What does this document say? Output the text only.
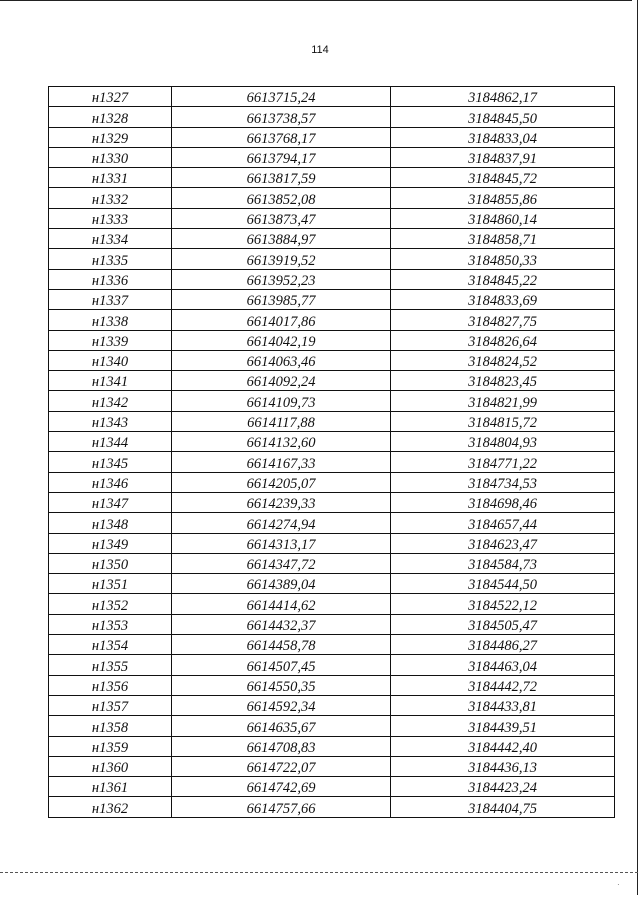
114
н1327	6613715,24	3184862,17
н1328	6613738,57	3184845,50
н1329	6613768,17	3184833,04
н1330	6613794,17	3184837,91
н1331	6613817,59	3184845,72
н1332	6613852,08	3184855,86
н1333	6613873,47	3184860,14
н1334	6613884,97	3184858,71
н1335	6613919,52	3184850,33
н1336	6613952,23	3184845,22
н1337	6613985,77	3184833,69
н1338	6614017,86	3184827,75
н1339	6614042,19	3184826,64
н1340	6614063,46	3184824,52
н1341	6614092,24	3184823,45
н1342	6614109,73	3184821,99
н1343	6614117,88	3184815,72
н1344	6614132,60	3184804,93
н1345	6614167,33	3184771,22
н1346	6614205,07	3184734,53
н1347	6614239,33	3184698,46
н1348	6614274,94	3184657,44
н1349	6614313,17	3184623,47
н1350	6614347,72	3184584,73
н1351	6614389,04	3184544,50
н1352	6614414,62	3184522,12
н1353	6614432,37	3184505,47
н1354	6614458,78	3184486,27
н1355	6614507,45	3184463,04
н1356	6614550,35	3184442,72
н1357	6614592,34	3184433,81
н1358	6614635,67	3184439,51
н1359	6614708,83	3184442,40
н1360	6614722,07	3184436,13
н1361	6614742,69	3184423,24
н1362	6614757,66	3184404,75
·
